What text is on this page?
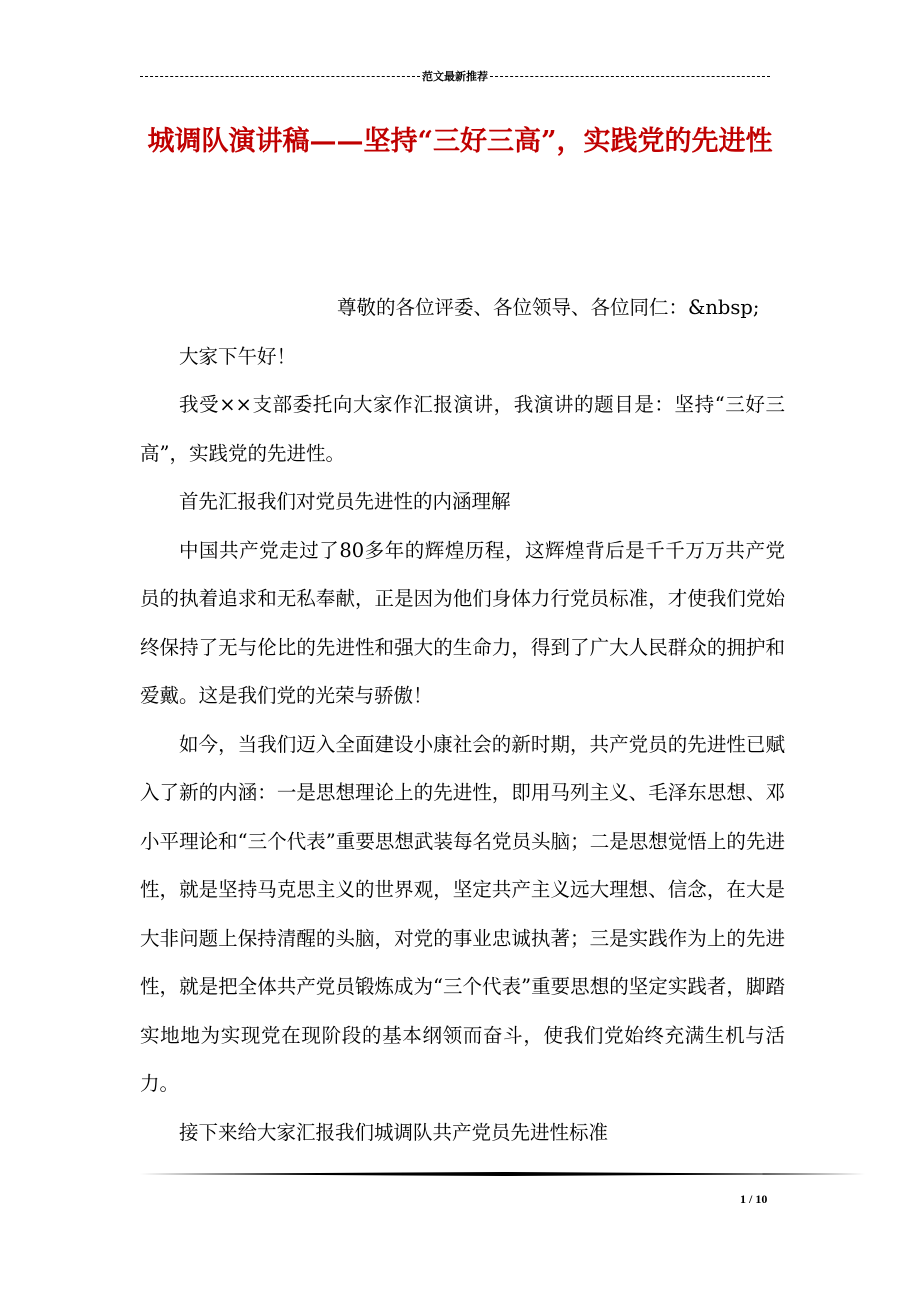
范文最新推荐
城调队演讲稿——坚持“三好三高”，实践党的先进性

尊敬的各位评委、各位领导、各位同仁：&nbsp;

大家下午好！

我受××支部委托向大家作汇报演讲，我演讲的题目是：坚持“三好三高”，实践党的先进性。

首先汇报我们对党员先进性的内涵理解

中国共产党走过了80多年的辉煌历程，这辉煌背后是千千万万共产党员的执着追求和无私奉献，正是因为他们身体力行党员标准，才使我们党始终保持了无与伦比的先进性和强大的生命力，得到了广大人民群众的拥护和爱戴。这是我们党的光荣与骄傲！

如今，当我们迈入全面建设小康社会的新时期，共产党员的先进性已赋入了新的内涵：一是思想理论上的先进性，即用马列主义、毛泽东思想、邓小平理论和“三个代表”重要思想武装每名党员头脑；二是思想觉悟上的先进性，就是坚持马克思主义的世界观，坚定共产主义远大理想、信念，在大是大非问题上保持清醒的头脑，对党的事业忠诚执著；三是实践作为上的先进性，就是把全体共产党员锻炼成为“三个代表”重要思想的坚定实践者，脚踏实地地为实现党在现阶段的基本纲领而奋斗，使我们党始终充满生机与活力。

接下来给大家汇报我们城调队共产党员先进性标准

1 / 10
